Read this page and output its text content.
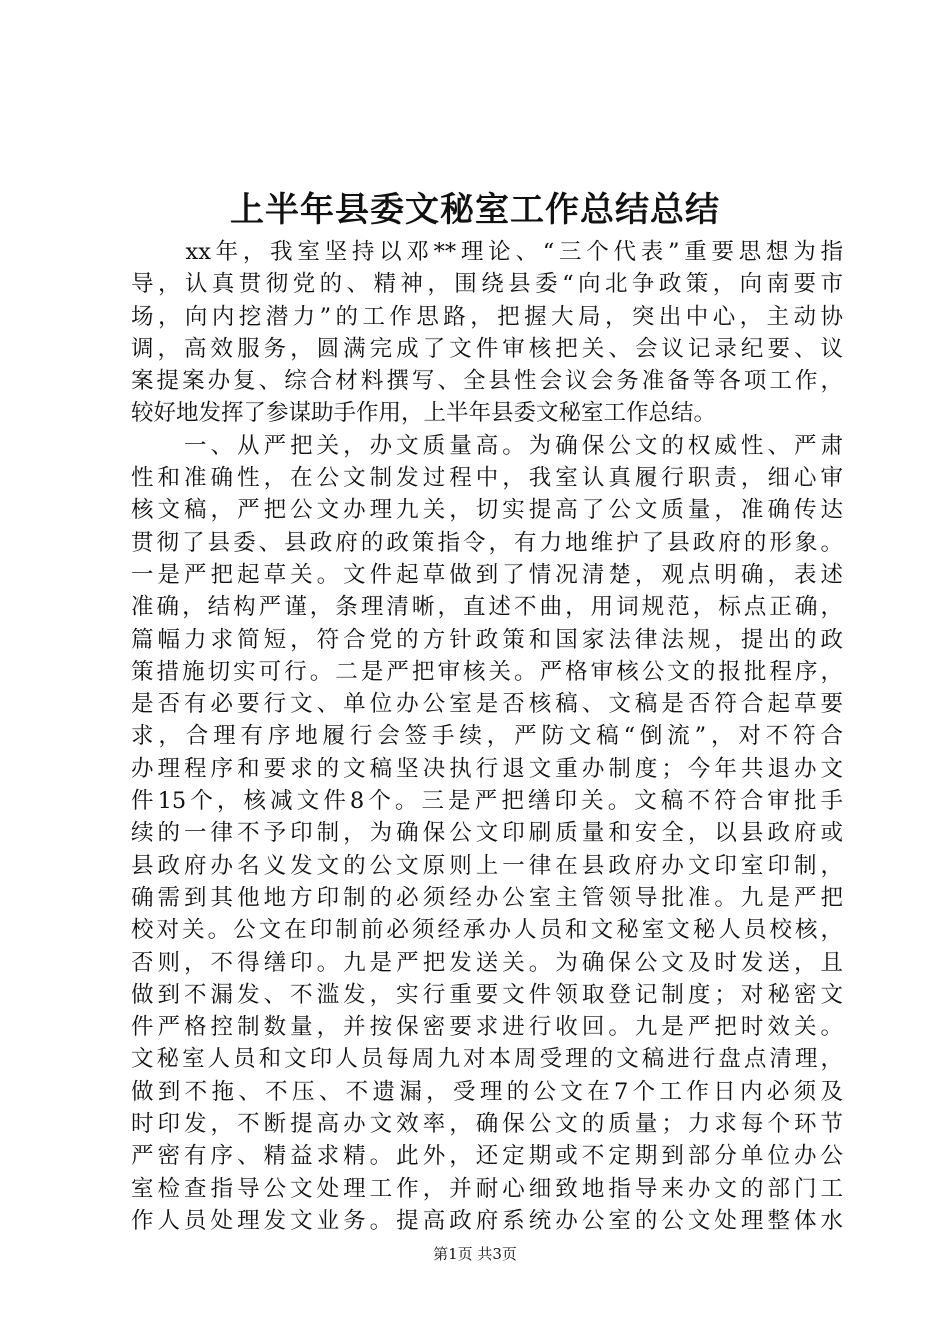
上半年县委文秘室工作总结总结
　　xx年，我室坚持以邓**理论、“三个代表”重要思想为指
导，认真贯彻党的、精神，围绕县委“向北争政策，向南要市
场，向内挖潜力”的工作思路，把握大局，突出中心，主动协
调，高效服务，圆满完成了文件审核把关、会议记录纪要、议
案提案办复、综合材料撰写、全县性会议会务准备等各项工作，
较好地发挥了参谋助手作用，上半年县委文秘室工作总结。
　　一、从严把关，办文质量高。为确保公文的权威性、严肃
性和准确性，在公文制发过程中，我室认真履行职责，细心审
核文稿，严把公文办理九关，切实提高了公文质量，准确传达
贯彻了县委、县政府的政策指令，有力地维护了县政府的形象。
一是严把起草关。文件起草做到了情况清楚，观点明确，表述
准确，结构严谨，条理清晰，直述不曲，用词规范，标点正确，
篇幅力求简短，符合党的方针政策和国家法律法规，提出的政
策措施切实可行。二是严把审核关。严格审核公文的报批程序，
是否有必要行文、单位办公室是否核稿、文稿是否符合起草要
求，合理有序地履行会签手续，严防文稿“倒流”，对不符合
办理程序和要求的文稿坚决执行退文重办制度；今年共退办文
件15个，核减文件8个。三是严把缮印关。文稿不符合审批手
续的一律不予印制，为确保公文印刷质量和安全，以县政府或
县政府办名义发文的公文原则上一律在县政府办文印室印制，
确需到其他地方印制的必须经办公室主管领导批准。九是严把
校对关。公文在印制前必须经承办人员和文秘室文秘人员校核，
否则，不得缮印。九是严把发送关。为确保公文及时发送，且
做到不漏发、不滥发，实行重要文件领取登记制度；对秘密文
件严格控制数量，并按保密要求进行收回。九是严把时效关。
文秘室人员和文印人员每周九对本周受理的文稿进行盘点清理，
做到不拖、不压、不遗漏，受理的公文在7个工作日内必须及
时印发，不断提高办文效率，确保公文的质量；力求每个环节
严密有序、精益求精。此外，还定期或不定期到部分单位办公
室检查指导公文处理工作，并耐心细致地指导来办文的部门工
作人员处理发文业务。提高政府系统办公室的公文处理整体水
第1页 共3页
